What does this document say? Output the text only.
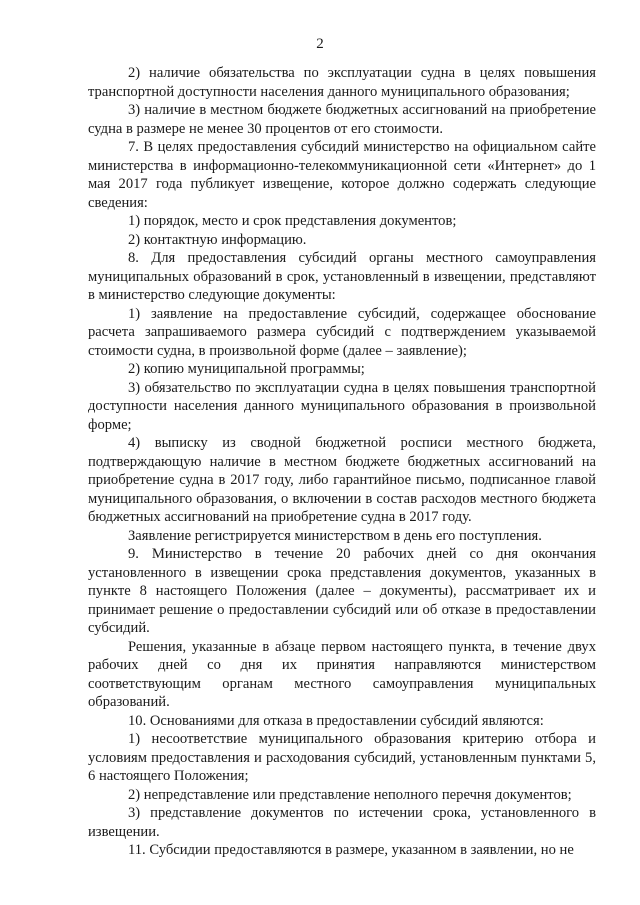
2

2) наличие обязательства по эксплуатации судна в целях повышения транспортной доступности населения данного муниципального образования;

3) наличие в местном бюджете бюджетных ассигнований на приобретение судна в размере не менее 30 процентов от его стоимости.

7. В целях предоставления субсидий министерство на официальном сайте министерства в информационно-телекоммуникационной сети «Интернет» до 1 мая 2017 года публикует извещение, которое должно содержать следующие сведения:

1) порядок, место и срок представления документов;

2) контактную информацию.

8. Для предоставления субсидий органы местного самоуправления муниципальных образований в срок, установленный в извещении, представляют в министерство следующие документы:

1) заявление на предоставление субсидий, содержащее обоснование расчета запрашиваемого размера субсидий с подтверждением указываемой стоимости судна, в произвольной форме (далее – заявление);

2) копию муниципальной программы;

3) обязательство по эксплуатации судна в целях повышения транспортной доступности населения данного муниципального образования в произвольной форме;

4) выписку из сводной бюджетной росписи местного бюджета, подтверждающую наличие в местном бюджете бюджетных ассигнований на приобретение судна в 2017 году, либо гарантийное письмо, подписанное главой муниципального образования, о включении в состав расходов местного бюджета бюджетных ассигнований на приобретение судна в 2017 году.

Заявление регистрируется министерством в день его поступления.

9. Министерство в течение 20 рабочих дней со дня окончания установленного в извещении срока представления документов, указанных в пункте 8 настоящего Положения (далее – документы), рассматривает их и принимает решение о предоставлении субсидий или об отказе в предоставлении субсидий.

Решения, указанные в абзаце первом настоящего пункта, в течение двух рабочих дней со дня их принятия направляются министерством соответствующим органам местного самоуправления муниципальных образований.

10. Основаниями для отказа в предоставлении субсидий являются:

1) несоответствие муниципального образования критерию отбора и условиям предоставления и расходования субсидий, установленным пунктами 5, 6 настоящего Положения;

2) непредставление или представление неполного перечня документов;

3) представление документов по истечении срока, установленного в извещении.

11. Субсидии предоставляются в размере, указанном в заявлении, но не
